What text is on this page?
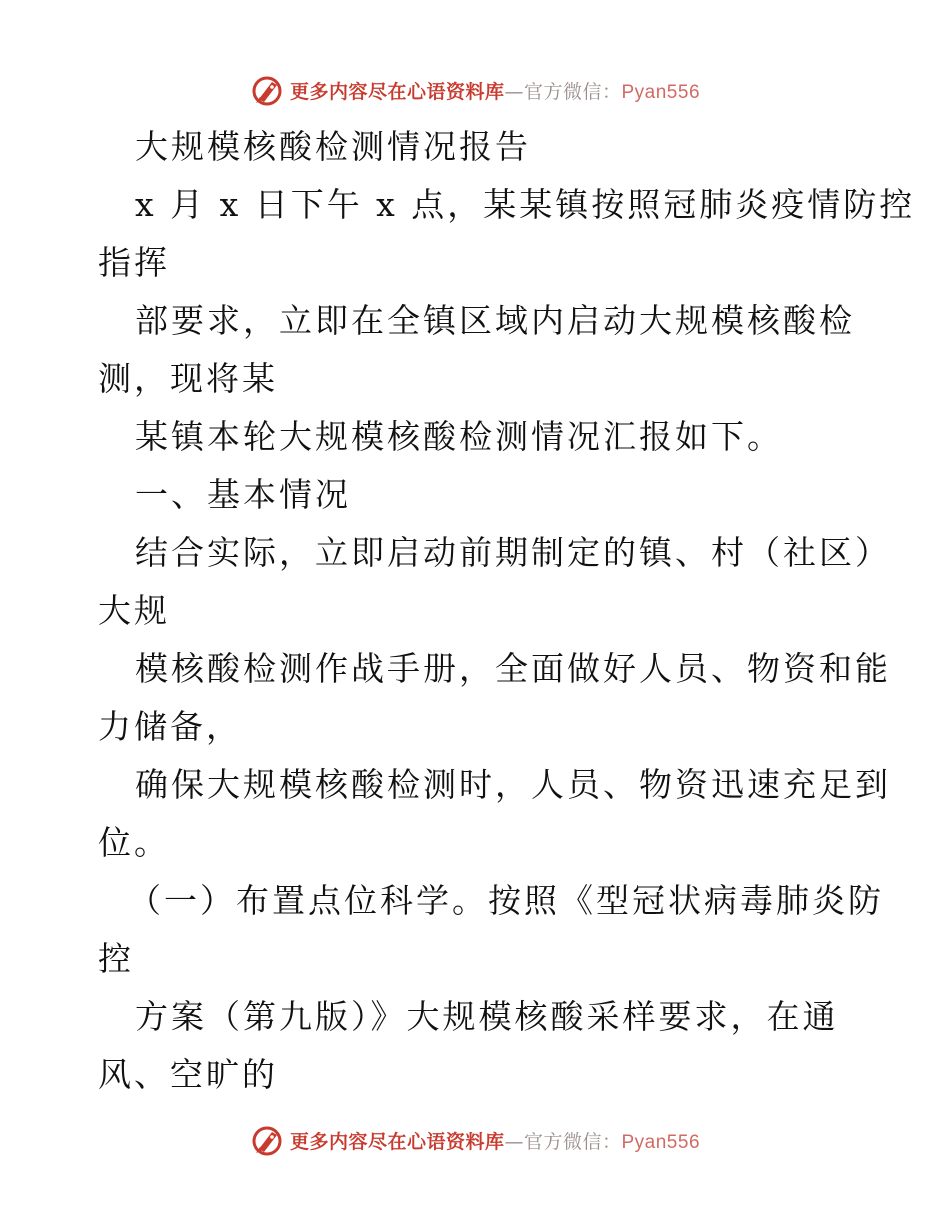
更多内容尽在心语资料库—官方微信：Pyan556
大规模核酸检测情况报告
x 月 x 日下午 x 点，某某镇按照冠肺炎疫情防控
指挥
部要求，立即在全镇区域内启动大规模核酸检
测，现将某
某镇本轮大规模核酸检测情况汇报如下。
一、基本情况
结合实际，立即启动前期制定的镇、村（社区）
大规
模核酸检测作战手册，全面做好人员、物资和能
力储备，
确保大规模核酸检测时，人员、物资迅速充足到
位。
（一）布置点位科学。按照《型冠状病毒肺炎防
控
方案（第九版）》大规模核酸采样要求，在通
风、空旷的
更多内容尽在心语资料库—官方微信：Pyan556
